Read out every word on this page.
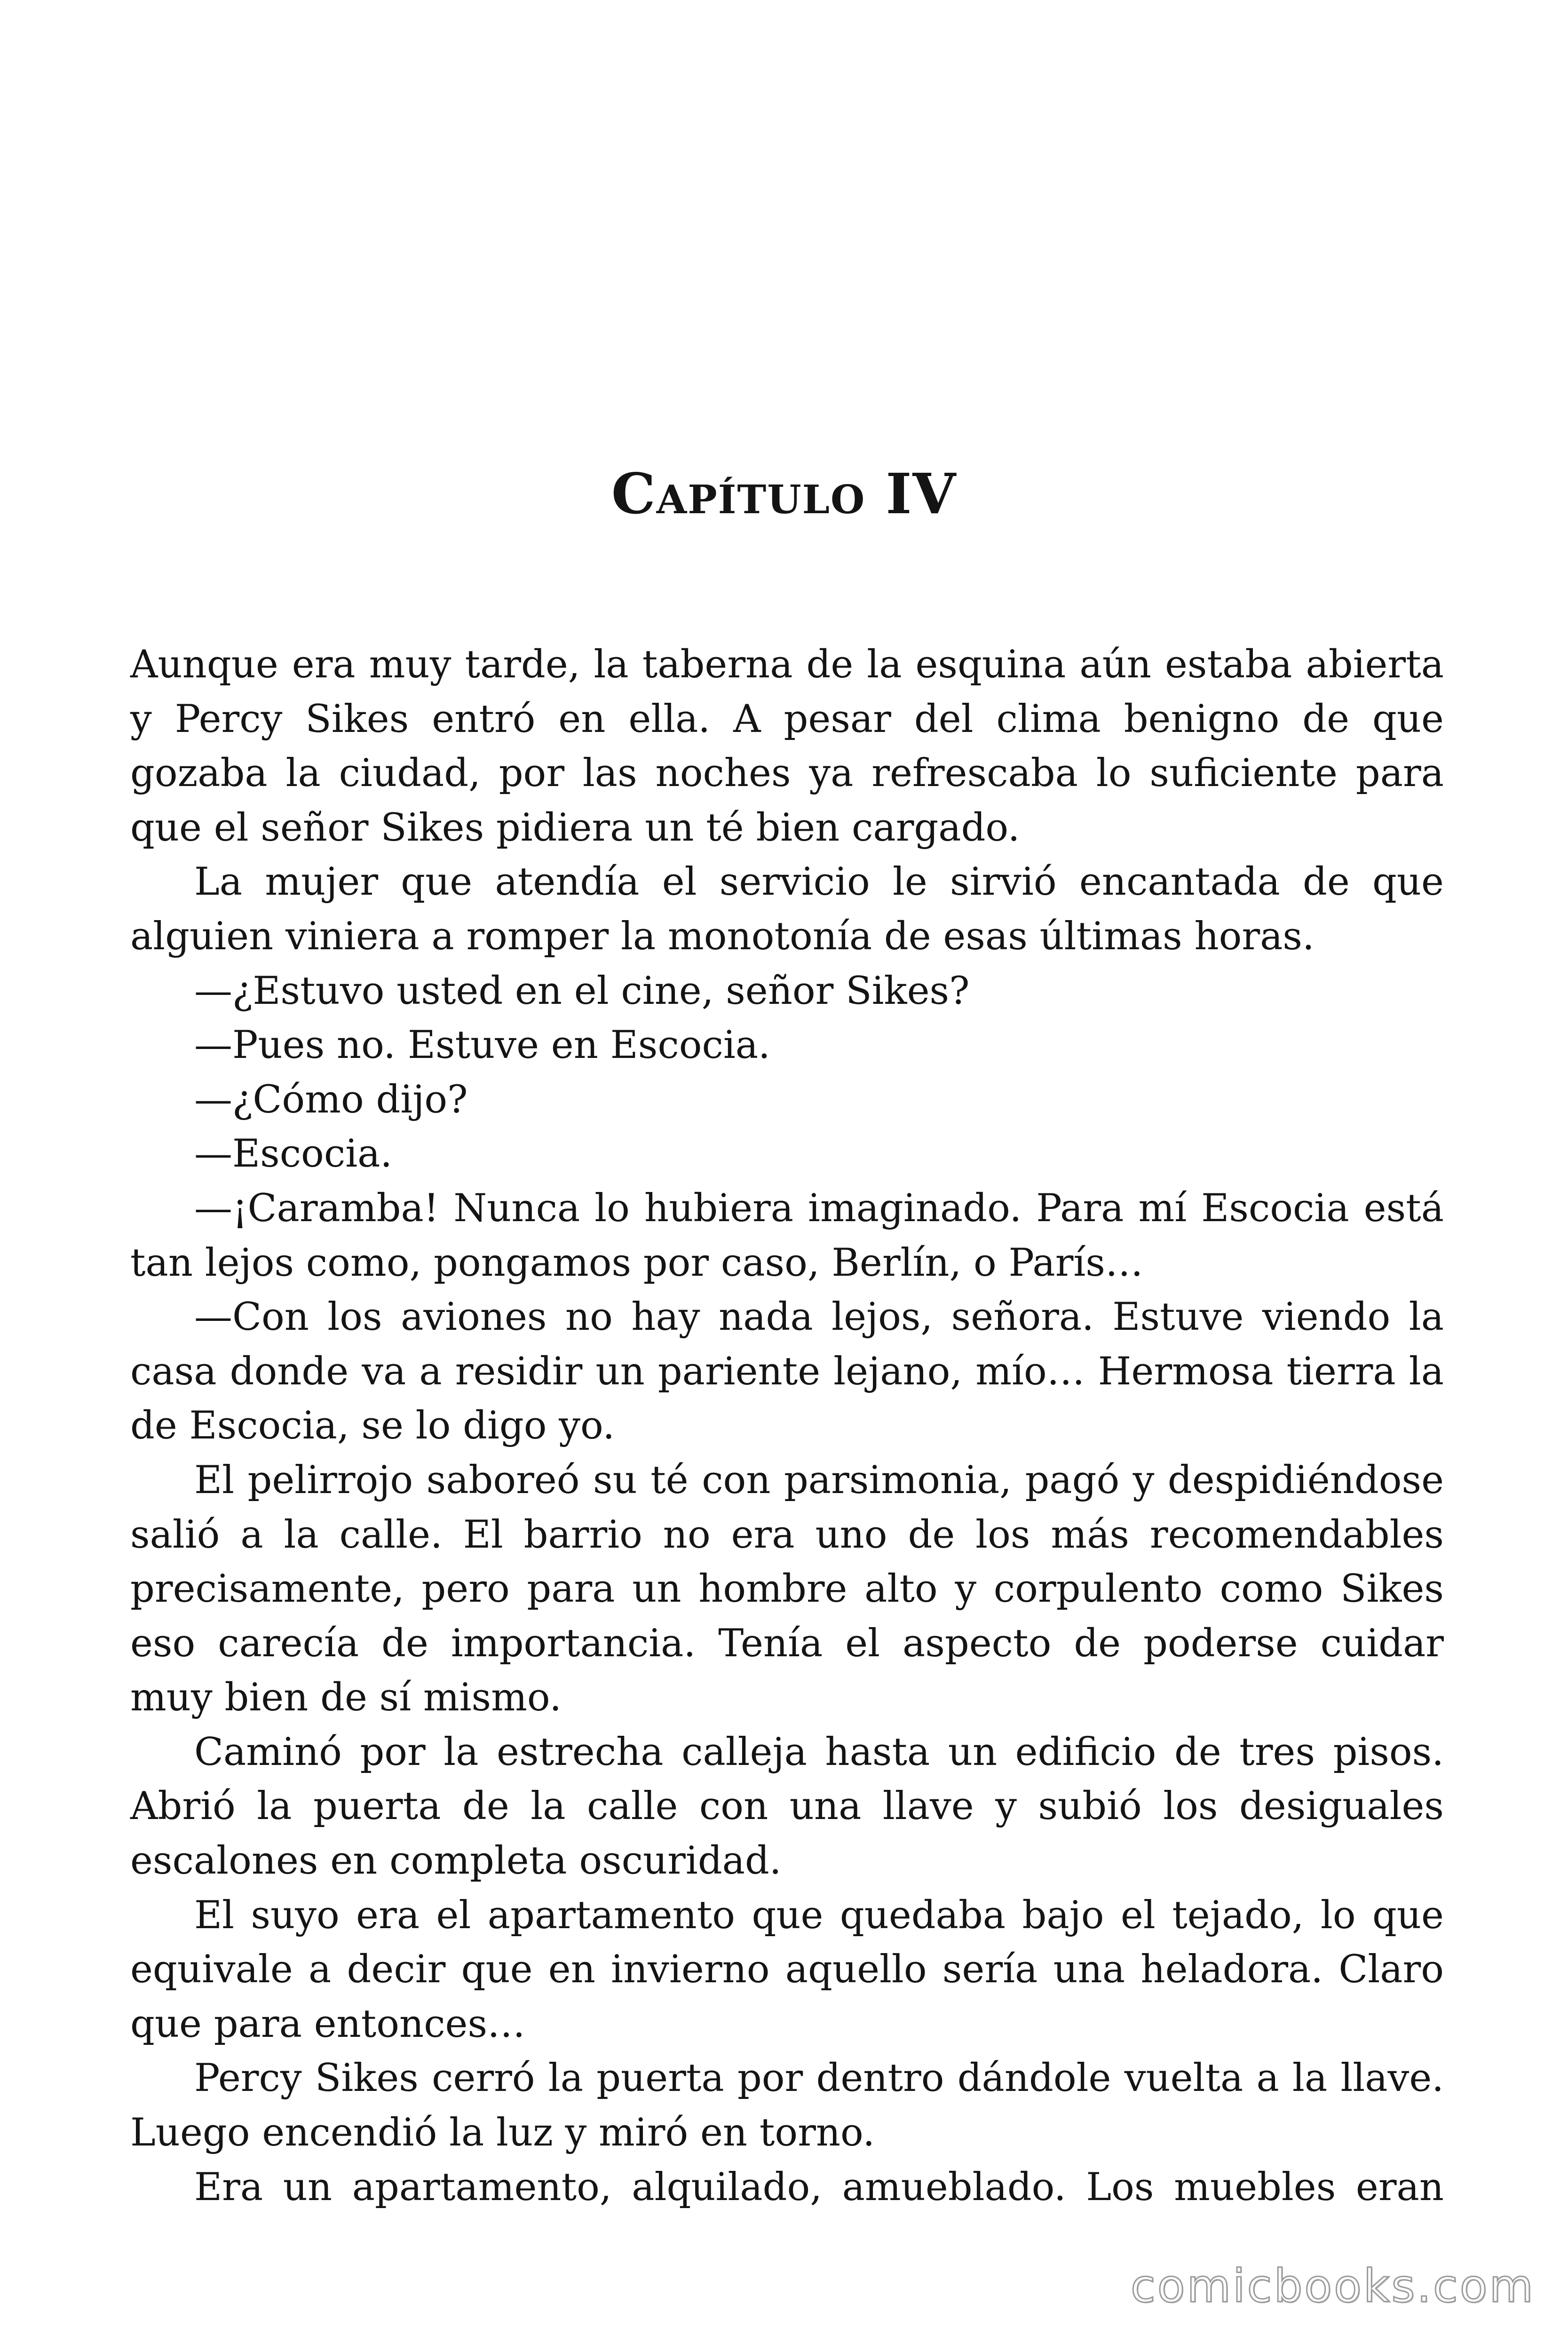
Capítulo IV

Aunque era muy tarde, la taberna de la esquina aún estaba abierta y Percy Sikes entró en ella. A pesar del clima benigno de que gozaba la ciudad, por las noches ya refrescaba lo suficiente para que el señor Sikes pidiera un té bien cargado.

La mujer que atendía el servicio le sirvió encantada de que alguien viniera a romper la monotonía de esas últimas horas.

—¿Estuvo usted en el cine, señor Sikes?

—Pues no. Estuve en Escocia.

—¿Cómo dijo?

—Escocia.

—¡Caramba! Nunca lo hubiera imaginado. Para mí Escocia está tan lejos como, pongamos por caso, Berlín, o París…

—Con los aviones no hay nada lejos, señora. Estuve viendo la casa donde va a residir un pariente lejano, mío… Hermosa tierra la de Escocia, se lo digo yo.

El pelirrojo saboreó su té con parsimonia, pagó y despidiéndose salió a la calle. El barrio no era uno de los más recomendables precisamente, pero para un hombre alto y corpulento como Sikes eso carecía de importancia. Tenía el aspecto de poderse cuidar muy bien de sí mismo.

Caminó por la estrecha calleja hasta un edificio de tres pisos. Abrió la puerta de la calle con una llave y subió los desiguales escalones en completa oscuridad.

El suyo era el apartamento que quedaba bajo el tejado, lo que equivale a decir que en invierno aquello sería una heladora. Claro que para entonces…

Percy Sikes cerró la puerta por dentro dándole vuelta a la llave. Luego encendió la luz y miró en torno.

Era un apartamento, alquilado, amueblado. Los muebles eran

comicbooks.com
